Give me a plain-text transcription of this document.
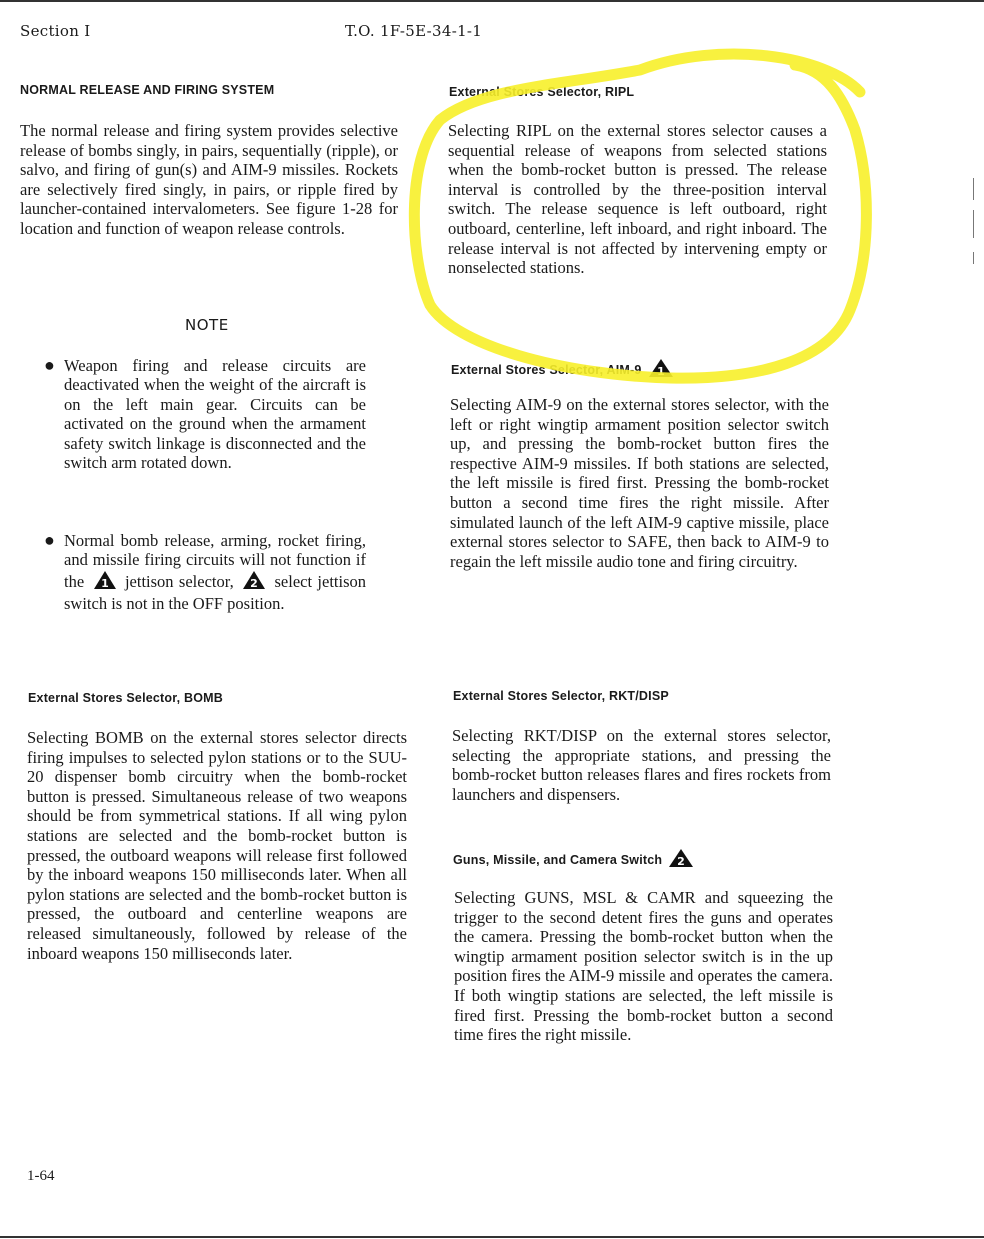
Section I	T.O. 1F-5E-34-1-1
NORMAL RELEASE AND FIRING SYSTEM

The normal release and firing system provides selective release of bombs singly, in pairs, sequentially (ripple), or salvo, and firing of gun(s) and AIM-9 missiles. Rockets are selectively fired singly, in pairs, or ripple fired by launcher-contained intervalometers. See figure 1-28 for location and function of weapon release controls.

NOTE
● Weapon firing and release circuits are deactivated when the weight of the aircraft is on the left main gear. Circuits can be activated on the ground when the armament safety switch linkage is disconnected and the switch arm rotated down.
● Normal bomb release, arming, rocket firing, and missile firing circuits will not function if the 1 jettison selector, 2 select jettison switch is not in the OFF position.
External Stores Selector, BOMB

Selecting BOMB on the external stores selector directs firing impulses to selected pylon stations or to the SUU-20 dispenser bomb circuitry when the bomb-rocket button is pressed. Simultaneous release of two weapons should be from symmetrical stations. If all wing pylon stations are selected and the bomb-rocket button is pressed, the outboard weapons will release first followed by the inboard weapons 150 milliseconds later. When all pylon stations are selected and the bomb-rocket button is pressed, the outboard and centerline weapons are released simultaneously, followed by release of the inboard weapons 150 milliseconds later.

External Stores Selector, RIPL

Selecting RIPL on the external stores selector causes a sequential release of weapons from selected stations when the bomb-rocket button is pressed. The release interval is controlled by the three-position interval switch. The release sequence is left outboard, right outboard, centerline, left inboard, and right inboard. The release interval is not affected by intervening empty or nonselected stations.

External Stores Selector, AIM-9 1

Selecting AIM-9 on the external stores selector, with the left or right wingtip armament position selector switch up, and pressing the bomb-rocket button fires the respective AIM-9 missiles. If both stations are selected, the left missile is fired first. Pressing the bomb-rocket button a second time fires the right missile. After simulated launch of the left AIM-9 captive missile, place external stores selector to SAFE, then back to AIM-9 to regain the left missile audio tone and firing circuitry.

External Stores Selector, RKT/DISP

Selecting RKT/DISP on the external stores selector, selecting the appropriate stations, and pressing the bomb-rocket button releases flares and fires rockets from launchers and dispensers.

Guns, Missile, and Camera Switch 2

Selecting GUNS, MSL & CAMR and squeezing the trigger to the second detent fires the guns and operates the camera. Pressing the bomb-rocket button when the wingtip armament position selector switch is in the up position fires the AIM-9 missile and operates the camera. If both wingtip stations are selected, the left missile is fired first. Pressing the bomb-rocket button a second time fires the right missile.

1-64
